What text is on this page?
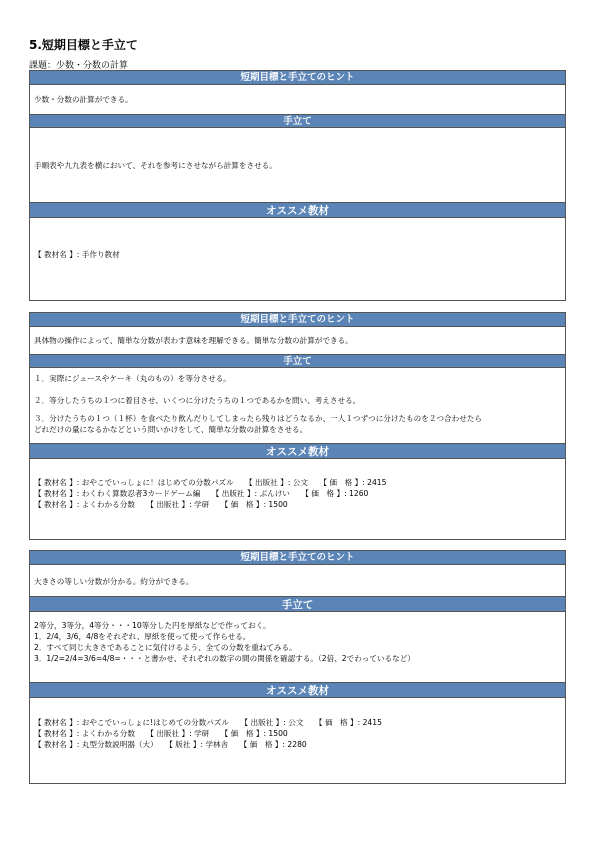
5.短期目標と手立て
課題：少数・分数の計算
短期目標と手立てのヒント
少数・分数の計算ができる。
手立て
手順表や九九表を横において、それを参考にさせながら計算をさせる。
オススメ教材
【 教材名 】: 手作り教材
短期目標と手立てのヒント
具体物の操作によって、簡単な分数が表わす意味を理解できる。簡単な分数の計算ができる。
手立て
１．実際にジュースやケーキ（丸のもの）を等分させる。
２．等分したうちの１つに着目させ、いくつに分けたうちの１つであるかを問い、考えさせる。
３．分けたうちの１つ（１杯）を食べたり飲んだりしてしまったら残りはどうなるか、一人１つずつに分けたものを２つ合わせたら
どれだけの量になるかなどという問いかけをして、簡単な分数の計算をさせる。
オススメ教材
【 教材名 】: おやこでいっしょに！はじめての分数パズル　　【 出版社 】: 公文　　【 価　格 】: 2415
【 教材名 】: わくわく算数忍者3カードゲーム編　　【 出版社 】: ぶんけい　　【 価　格 】: 1260
【 教材名 】: よくわかる分数　　【 出版社 】: 学研　　【 価　格 】: 1500
短期目標と手立てのヒント
大きさの等しい分数が分かる。約分ができる。
手立て
2等分，3等分，4等分・・・10等分した円を厚紙などで作っておく。
1．2/4，3/6，4/8をそれぞれ、厚紙を使って使って作らせる。
2．すべて同じ大きさであることに気付けるよう、全ての分数を重ねてみる。
3．1/2=2/4=3/6=4/8=・・・と書かせ、それぞれの数字の間の関係を確認する。（2倍、2でわっているなど）
オススメ教材
【 教材名 】: おやこでいっしょに!はじめての分数パズル　　【 出版社 】: 公文　　【 価　格 】: 2415
【 教材名 】: よくわかる分数　　【 出版社 】: 学研　　【 価　格 】: 1500
【 教材名 】: 丸型分数説明器（大）　　【 版社 】: 学林舎　　【 価　格 】: 2280
